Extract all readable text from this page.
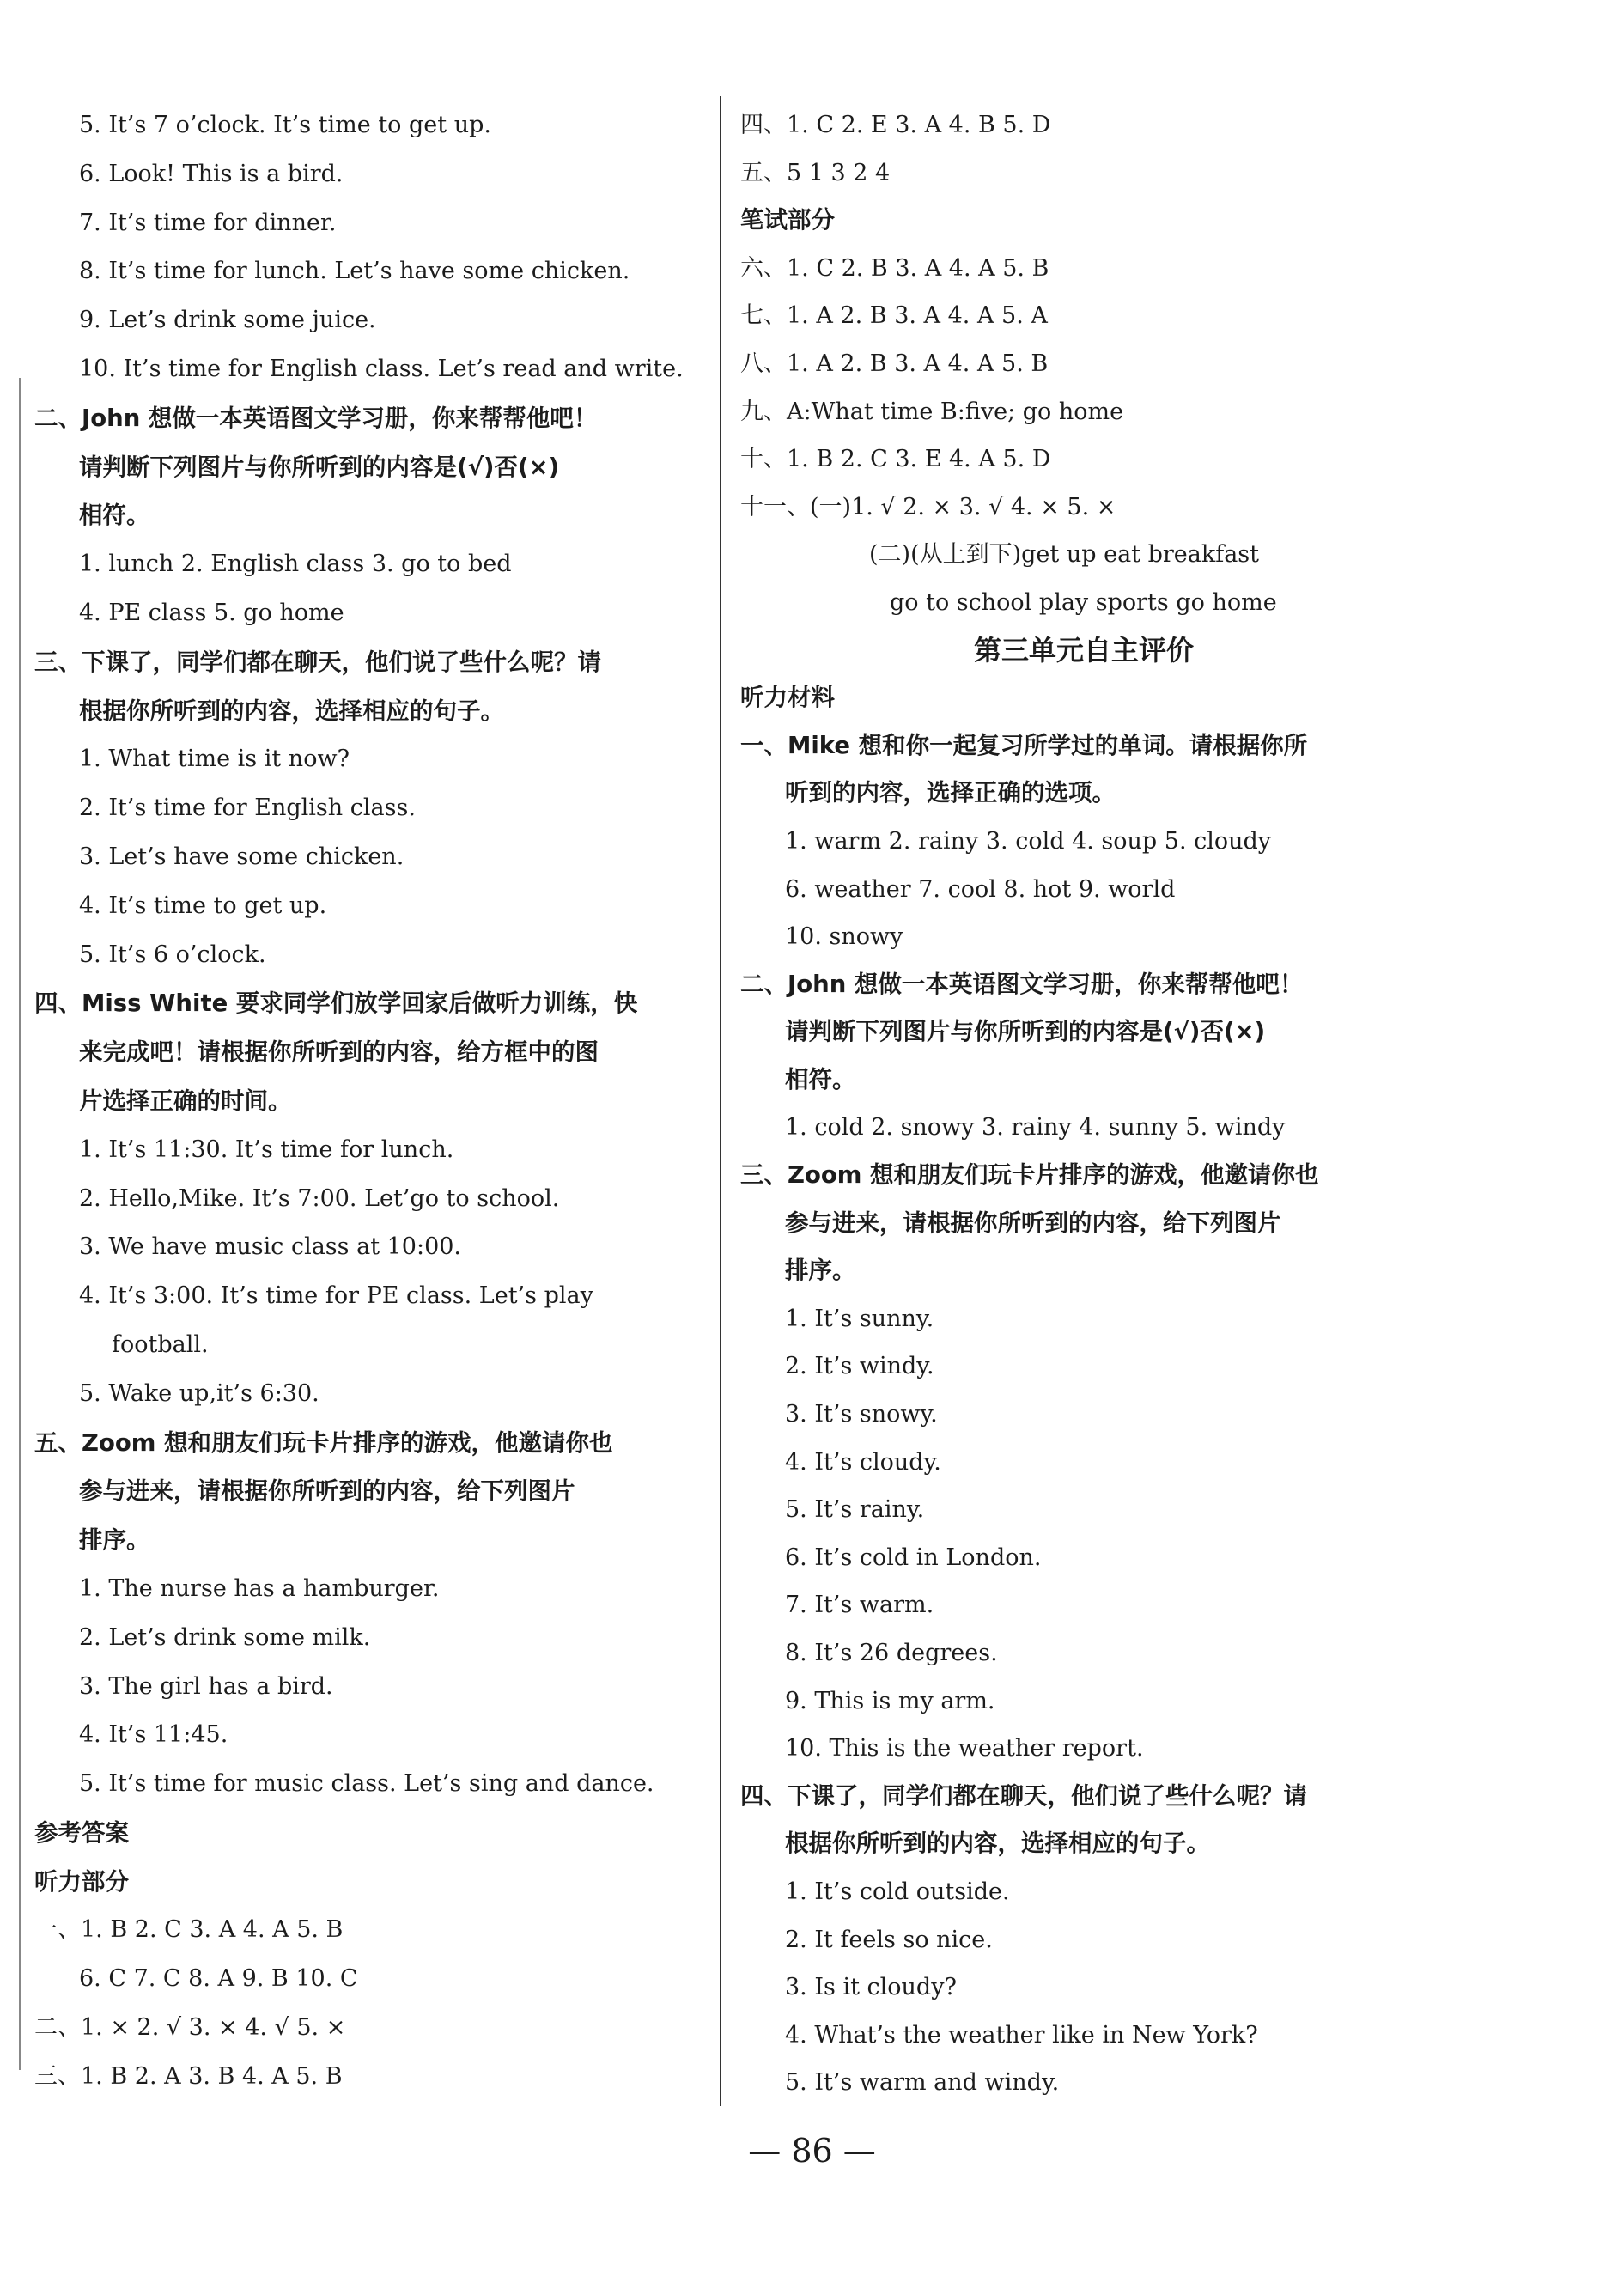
5. It’s 7 o’clock. It’s time to get up.
6. Look! This is a bird.
7. It’s time for dinner.
8. It’s time for lunch. Let’s have some chicken.
9. Let’s drink some juice.
10. It’s time for English class. Let’s read and write.
二、John 想做一本英语图文学习册，你来帮帮他吧！
请判断下列图片与你所听到的内容是(√)否(×)
相符。
1. lunch 2. English class 3. go to bed
4. PE class 5. go home
三、下课了，同学们都在聊天，他们说了些什么呢？请
根据你所听到的内容，选择相应的句子。
1. What time is it now?
2. It’s time for English class.
3. Let’s have some chicken.
4. It’s time to get up.
5. It’s 6 o’clock.
四、Miss White 要求同学们放学回家后做听力训练，快
来完成吧！请根据你所听到的内容，给方框中的图
片选择正确的时间。
1. It’s 11:30. It’s time for lunch.
2. Hello,Mike. It’s 7:00. Let’go to school.
3. We have music class at 10:00.
4. It’s 3:00. It’s time for PE class. Let’s play
football.
5. Wake up,it’s 6:30.
五、Zoom 想和朋友们玩卡片排序的游戏，他邀请你也
参与进来，请根据你所听到的内容，给下列图片
排序。
1. The nurse has a hamburger.
2. Let’s drink some milk.
3. The girl has a bird.
4. It’s 11:45.
5. It’s time for music class. Let’s sing and dance.
参考答案
听力部分
一、1. B 2. C 3. A 4. A 5. B
6. C 7. C 8. A 9. B 10. C
二、1. × 2. √ 3. × 4. √ 5. ×
三、1. B 2. A 3. B 4. A 5. B
四、1. C 2. E 3. A 4. B 5. D
五、5 1 3 2 4
笔试部分
六、1. C 2. B 3. A 4. A 5. B
七、1. A 2. B 3. A 4. A 5. A
八、1. A 2. B 3. A 4. A 5. B
九、A:What time B:five; go home
十、1. B 2. C 3. E 4. A 5. D
十一、(一)1. √ 2. × 3. √ 4. × 5. ×
(二)(从上到下)get up eat breakfast
go to school play sports go home
第三单元自主评价
听力材料
一、Mike 想和你一起复习所学过的单词。请根据你所
听到的内容，选择正确的选项。
1. warm 2. rainy 3. cold 4. soup 5. cloudy
6. weather 7. cool 8. hot 9. world
10. snowy
二、John 想做一本英语图文学习册，你来帮帮他吧！
请判断下列图片与你所听到的内容是(√)否(×)
相符。
1. cold 2. snowy 3. rainy 4. sunny 5. windy
三、Zoom 想和朋友们玩卡片排序的游戏，他邀请你也
参与进来，请根据你所听到的内容，给下列图片
排序。
1. It’s sunny.
2. It’s windy.
3. It’s snowy.
4. It’s cloudy.
5. It’s rainy.
6. It’s cold in London.
7. It’s warm.
8. It’s 26 degrees.
9. This is my arm.
10. This is the weather report.
四、下课了，同学们都在聊天，他们说了些什么呢？请
根据你所听到的内容，选择相应的句子。
1. It’s cold outside.
2. It feels so nice.
3. Is it cloudy?
4. What’s the weather like in New York?
5. It’s warm and windy.
— 86 —
